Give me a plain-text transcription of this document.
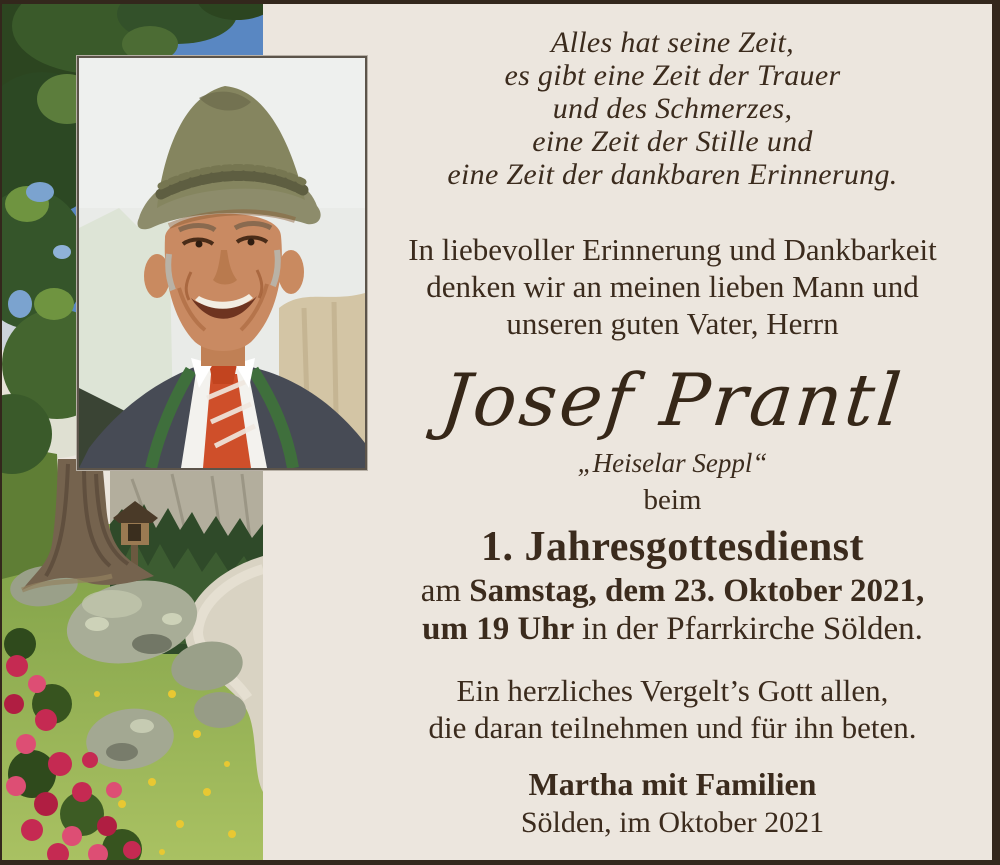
Alles hat seine Zeit,
es gibt eine Zeit der Trauer
und des Schmerzes,
eine Zeit der Stille und
eine Zeit der dankbaren Erinnerung.
In liebevoller Erinnerung und Dankbarkeit
denken wir an meinen lieben Mann und
unseren guten Vater, Herrn
Josef Prantl
„Heiselar Seppl“
beim
1. Jahresgottesdienst
am Samstag, dem 23. Oktober 2021,
um 19 Uhr in der Pfarrkirche Sölden.
Ein herzliches Vergelt’s Gott allen,
die daran teilnehmen und für ihn beten.
Martha mit Familien
Sölden, im Oktober 2021
